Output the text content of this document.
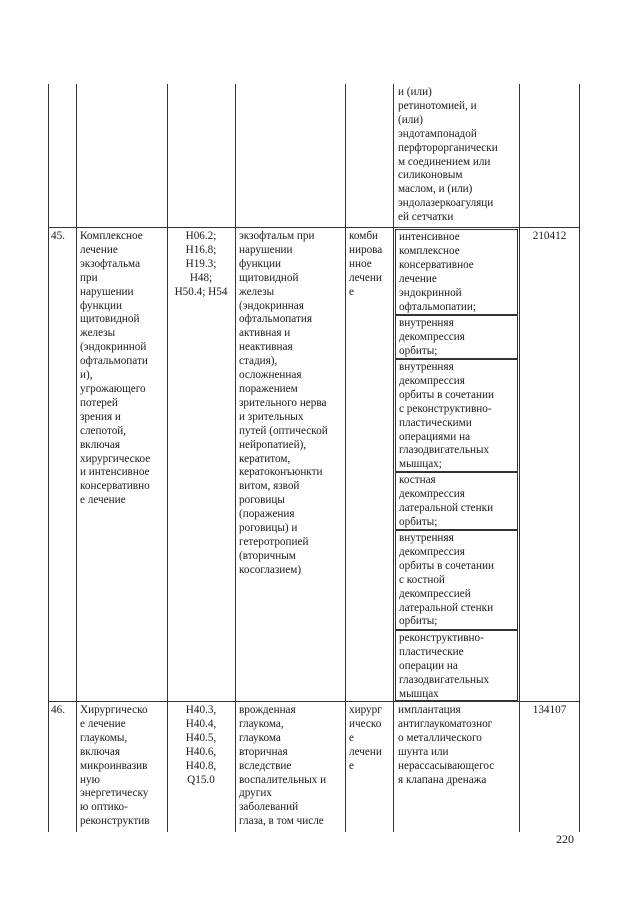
и (или)
ретинотомией, и
(или)
эндотампонадой
перфторорганически
м соединением или
силиконовым
маслом, и (или)
эндолазеркоагуляци
ей сетчатки
45.	Комплексное
лечение
экзофтальма
при
нарушении
функции
щитовидной
железы
(эндокринной
офтальмопати
и),
угрожающего
потерей
зрения и
слепотой,
включая
хирургическое
и интенсивное
консервативно
е лечение
H06.2;
H16.8;
H19.3;
H48;
H50.4; H54
экзофтальм при
нарушении
функции
щитовидной
железы
(эндокринная
офтальмопатия
активная и
неактивная
стадия),
осложненная
поражением
зрительного нерва
и зрительных
путей (оптической
нейропатией),
кератитом,
кератоконъюнкти
витом, язвой
роговицы
(поражения
роговицы) и
гетеротропией
(вторичным
косоглазием)
комби
нирова
нное
лечени
е
интенсивное
комплексное
консервативное
лечение
эндокринной
офтальмопатии;
внутренняя
декомпрессия
орбиты;
внутренняя
декомпрессия
орбиты в сочетании
с реконструктивно-
пластическими
операциями на
глазодвигательных
мышцах;
костная
декомпрессия
латеральной стенки
орбиты;
внутренняя
декомпрессия
орбиты в сочетании
с костной
декомпрессией
латеральной стенки
орбиты;
реконструктивно-
пластические
операции на
глазодвигательных
мышцах
210412
46.	Хирургическо
е лечение
глаукомы,
включая
микроинвазив
ную
энергетическу
ю оптико-
реконструктив
H40.3,
H40.4,
H40.5,
H40.6,
H40.8,
Q15.0
врожденная
глаукома,
глаукома
вторичная
вследствие
воспалительных и
других
заболеваний
глаза, в том числе
хирург
ическо
е
лечени
е
имплантация
антиглаукоматозног
о металлического
шунта или
нерассасывающегос
я клапана дренажа
134107
220
